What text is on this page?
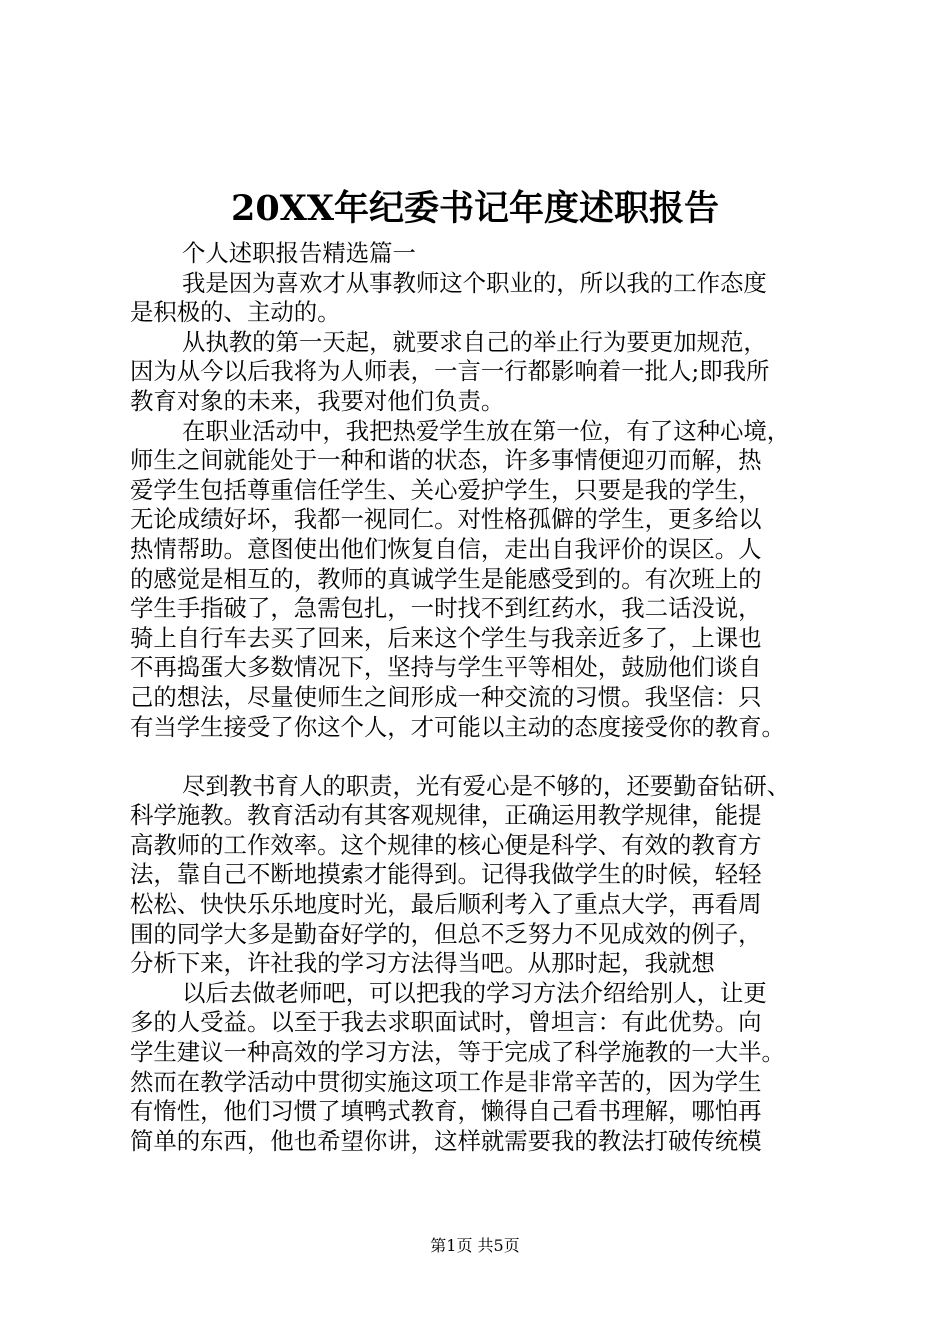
20XX年纪委书记年度述职报告
个人述职报告精选篇一
我是因为喜欢才从事教师这个职业的，所以我的工作态度
是积极的、主动的。
从执教的第一天起，就要求自己的举止行为要更加规范，
因为从今以后我将为人师表，一言一行都影响着一批人;即我所
教育对象的未来，我要对他们负责。
在职业活动中，我把热爱学生放在第一位，有了这种心境，
师生之间就能处于一种和谐的状态，许多事情便迎刃而解，热
爱学生包括尊重信任学生、关心爱护学生，只要是我的学生，
无论成绩好坏，我都一视同仁。对性格孤僻的学生，更多给以
热情帮助。意图使出他们恢复自信，走出自我评价的误区。人
的感觉是相互的，教师的真诚学生是能感受到的。有次班上的
学生手指破了，急需包扎，一时找不到红药水，我二话没说，
骑上自行车去买了回来，后来这个学生与我亲近多了，上课也
不再捣蛋大多数情况下，坚持与学生平等相处，鼓励他们谈自
己的想法，尽量使师生之间形成一种交流的习惯。我坚信：只
有当学生接受了你这个人，才可能以主动的态度接受你的教育。
尽到教书育人的职责，光有爱心是不够的，还要勤奋钻研、
科学施教。教育活动有其客观规律，正确运用教学规律，能提
高教师的工作效率。这个规律的核心便是科学、有效的教育方
法，靠自己不断地摸索才能得到。记得我做学生的时候，轻轻
松松、快快乐乐地度时光，最后顺利考入了重点大学，再看周
围的同学大多是勤奋好学的，但总不乏努力不见成效的例子，
分析下来，许社我的学习方法得当吧。从那时起，我就想
以后去做老师吧，可以把我的学习方法介绍给别人，让更
多的人受益。以至于我去求职面试时，曾坦言：有此优势。向
学生建议一种高效的学习方法，等于完成了科学施教的一大半。
然而在教学活动中贯彻实施这项工作是非常辛苦的，因为学生
有惰性，他们习惯了填鸭式教育，懒得自己看书理解，哪怕再
简单的东西，他也希望你讲，这样就需要我的教法打破传统模
第1页 共5页
